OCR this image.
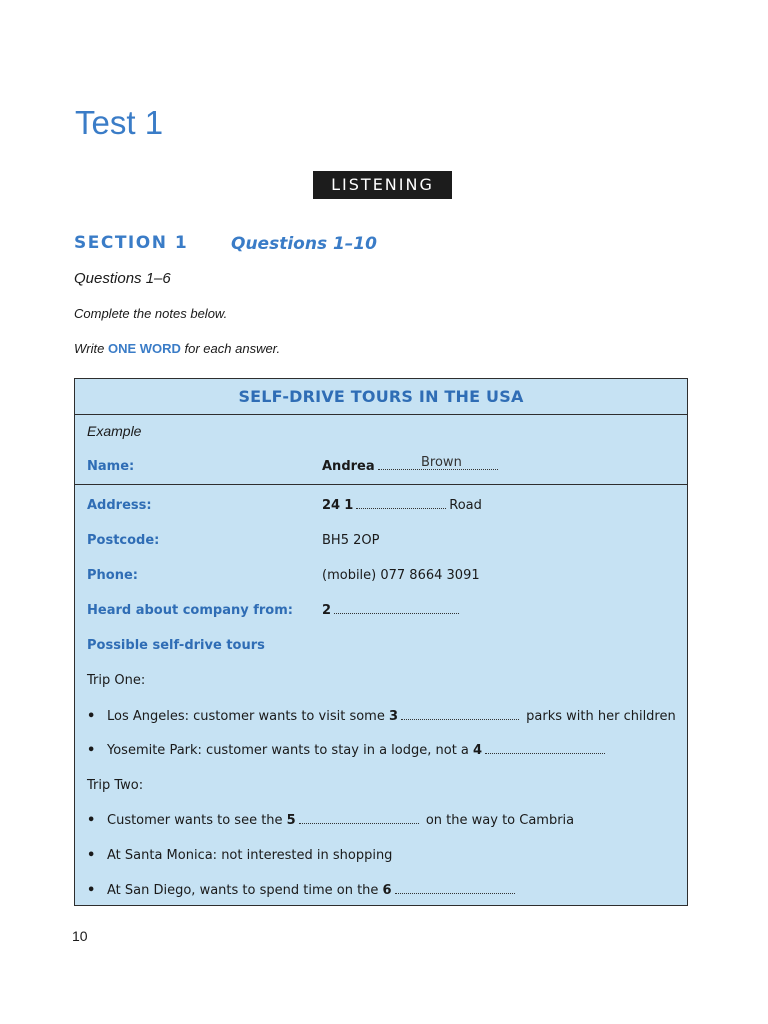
Test 1
LISTENING
SECTION 1	Questions 1–10
Questions 1–6
Complete the notes below.
Write ONE WORD for each answer.
SELF-DRIVE TOURS IN THE USA
Example
Name:	Andrea	Brown
Address:	24 1	Road
Postcode:	BH5 2OP
Phone:	(mobile) 077 8664 3091
Heard about company from: 2
Possible self-drive tours
Trip One:
• Los Angeles: customer wants to visit some 3	parks with her children
• Yosemite Park: customer wants to stay in a lodge, not a 4
Trip Two:
• Customer wants to see the 5	on the way to Cambria
• At Santa Monica: not interested in shopping
• At San Diego, wants to spend time on the 6
10
